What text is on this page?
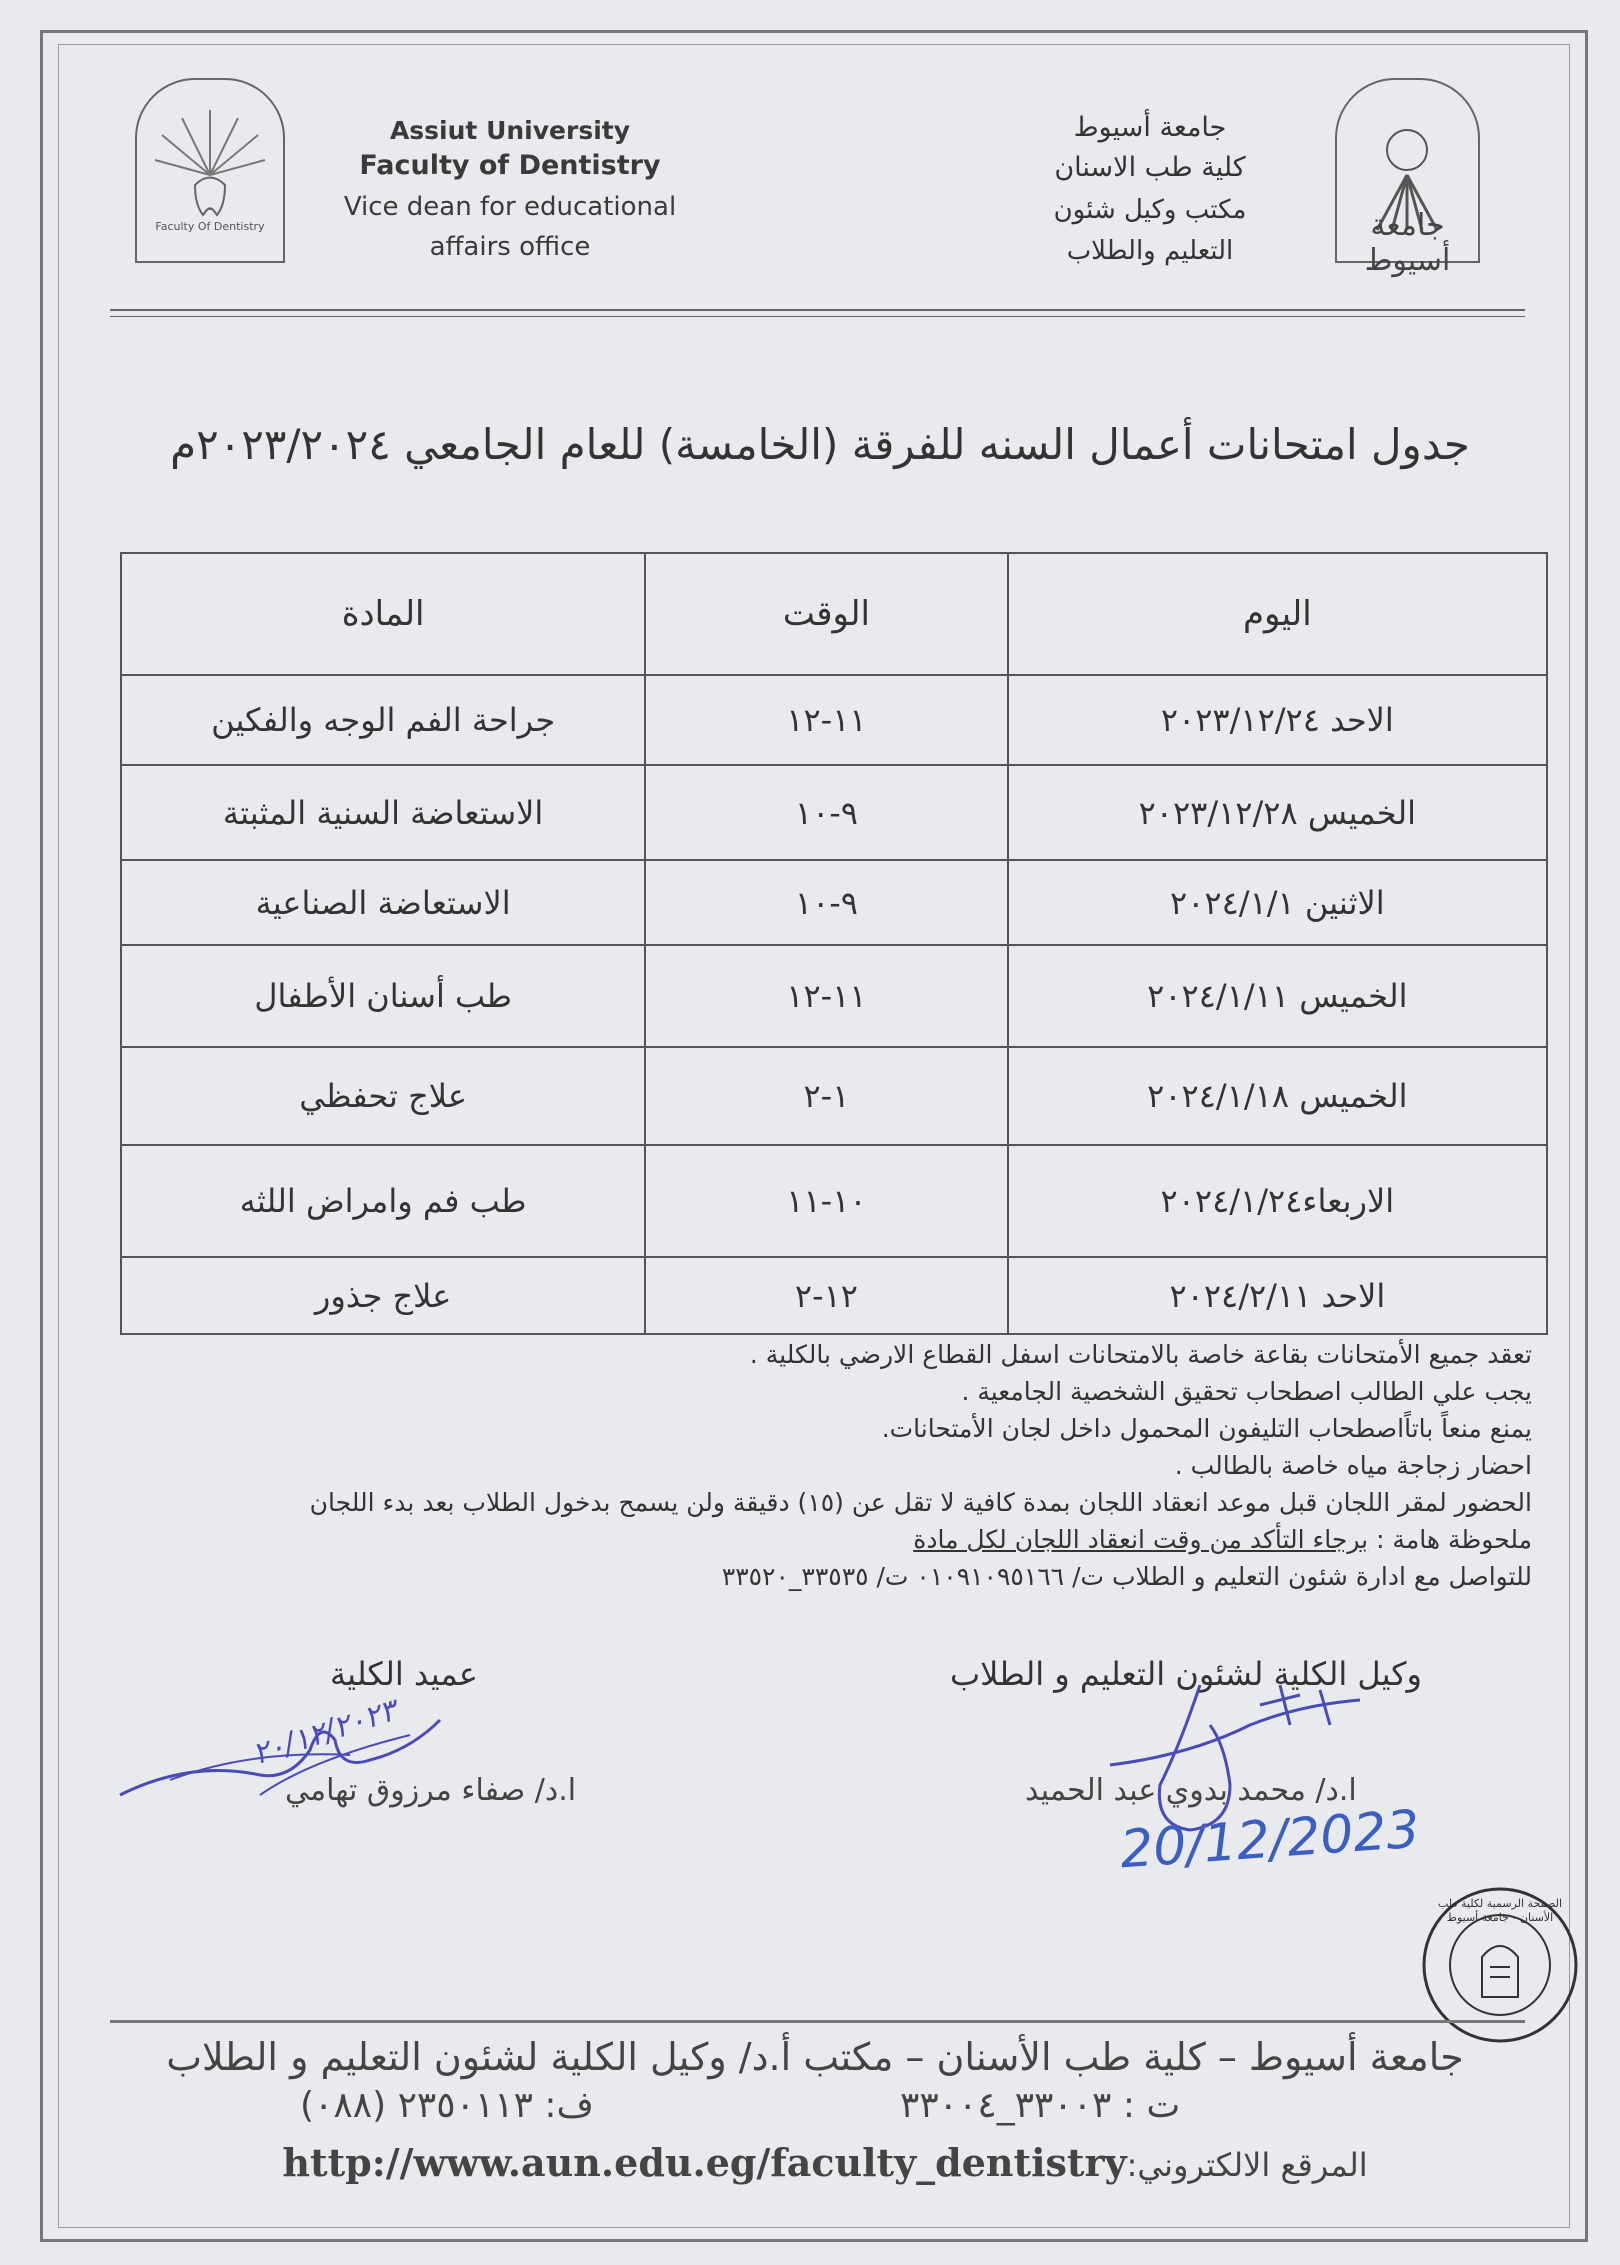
Faculty Of Dentistry
Assiut University
Faculty of Dentistry
Vice dean for educational
affairs office
جامعة أسيوط
كلية طب الاسنان
مكتب وكيل شئون
التعليم والطلاب
جامعة أسيوط
جدول امتحانات أعمال السنه للفرقة (الخامسة) للعام الجامعي ٢٠٢٣/٢٠٢٤م
اليوم	الوقت	المادة
الاحد ٢٠٢٣/١٢/٢٤	١١-١٢	جراحة الفم الوجه والفكين
الخميس ٢٠٢٣/١٢/٢٨	٩-١٠	الاستعاضة السنية المثبتة
الاثنين ٢٠٢٤/١/١	٩-١٠	الاستعاضة الصناعية
الخميس ٢٠٢٤/١/١١	١١-١٢	طب أسنان الأطفال
الخميس ٢٠٢٤/١/١٨	١-٢	علاج تحفظي
الاربعاء٢٠٢٤/١/٢٤	١٠-١١	طب فم وامراض اللثه
الاحد ٢٠٢٤/٢/١١	١٢-٢	علاج جذور
تعقد جميع الأمتحانات بقاعة خاصة بالامتحانات اسفل القطاع الارضي بالكلية .
يجب علي الطالب اصطحاب تحقيق الشخصية الجامعية .
يمنع منعاً باتاًاصطحاب التليفون المحمول داخل لجان الأمتحانات.
احضار زجاجة مياه خاصة بالطالب .
الحضور لمقر اللجان قبل موعد انعقاد اللجان بمدة كافية لا تقل عن (١٥) دقيقة ولن يسمح بدخول الطلاب بعد بدء اللجان
ملحوظة هامة : برجاء التأكد من وقت انعقاد اللجان لكل مادة
للتواصل مع ادارة شئون التعليم و الطلاب ت/ ٠١٠٩١٠٩٥١٦٦ ت/ ٣٣٥٣٥_٣٣٥٢٠
وكيل الكلية لشئون التعليم و الطلاب
عميد الكلية
ا.د/ محمد بدوي عبد الحميد
ا.د/ صفاء مرزوق تهامي
٢٠/١٢/٢٠٢٣
20/12/2023
الصفحة الرسمية لكلية طب الأسنان - جامعة أسيوط
جامعة أسيوط – كلية طب الأسنان – مكتب أ.د/ وكيل الكلية لشئون التعليم و الطلاب
ت : ٣٣٠٠٣_٣٣٠٠٤
ف: ٢٣٥٠١١٣ (٠٨٨)
http://www.aun.edu.eg/faculty_dentistryالمرقع الالكتروني:
